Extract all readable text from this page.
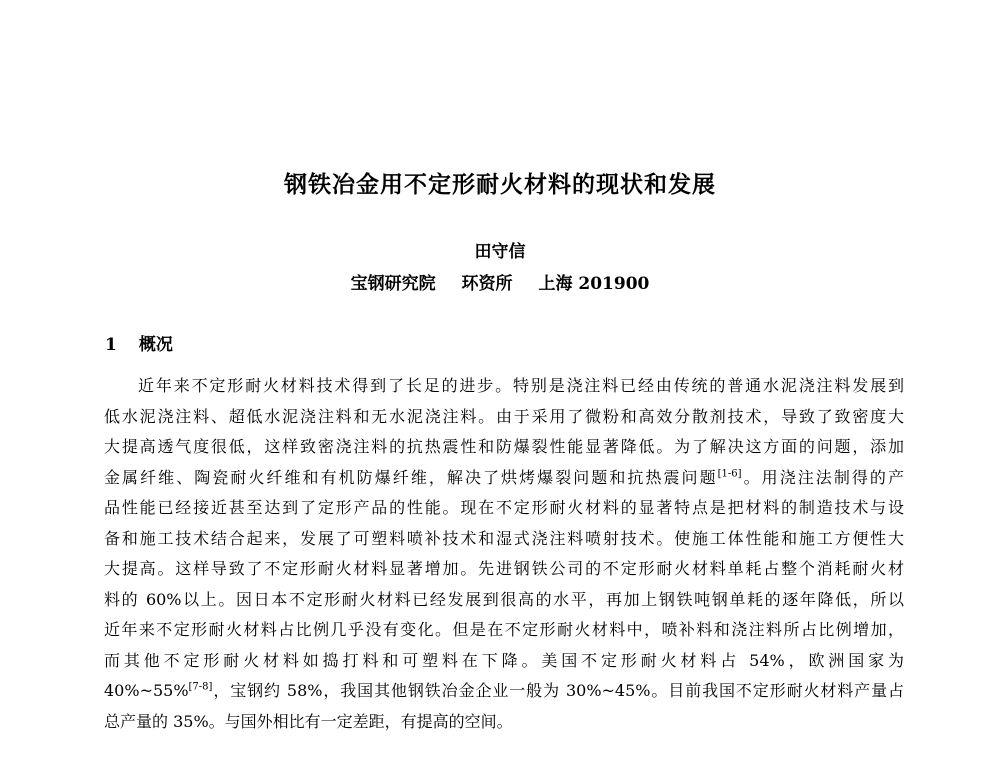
钢铁冶金用不定形耐火材料的现状和发展
田守信
宝钢研究院 环资所 上海 201900
1 概况
近年来不定形耐火材料技术得到了长足的进步。特别是浇注料已经由传统的普通水泥浇注料发展到
低水泥浇注料、超低水泥浇注料和无水泥浇注料。由于采用了微粉和高效分散剂技术，导致了致密度大
大提高透气度很低，这样致密浇注料的抗热震性和防爆裂性能显著降低。为了解决这方面的问题，添加
金属纤维、陶瓷耐火纤维和有机防爆纤维，解决了烘烤爆裂问题和抗热震问题[1-6]。用浇注法制得的产
品性能已经接近甚至达到了定形产品的性能。现在不定形耐火材料的显著特点是把材料的制造技术与设
备和施工技术结合起来，发展了可塑料喷补技术和湿式浇注料喷射技术。使施工体性能和施工方便性大
大提高。这样导致了不定形耐火材料显著增加。先进钢铁公司的不定形耐火材料单耗占整个消耗耐火材
料的 60%以上。因日本不定形耐火材料已经发展到很高的水平，再加上钢铁吨钢单耗的逐年降低，所以
近年来不定形耐火材料占比例几乎没有变化。但是在不定形耐火材料中，喷补料和浇注料所占比例增加，
而其他不定形耐火材料如捣打料和可塑料在下降。美国不定形耐火材料占 54%，欧洲国家为
40%~55%[7-8]，宝钢约 58%，我国其他钢铁冶金企业一般为 30%~45%。目前我国不定形耐火材料产量占
总产量的 35%。与国外相比有一定差距，有提高的空间。
